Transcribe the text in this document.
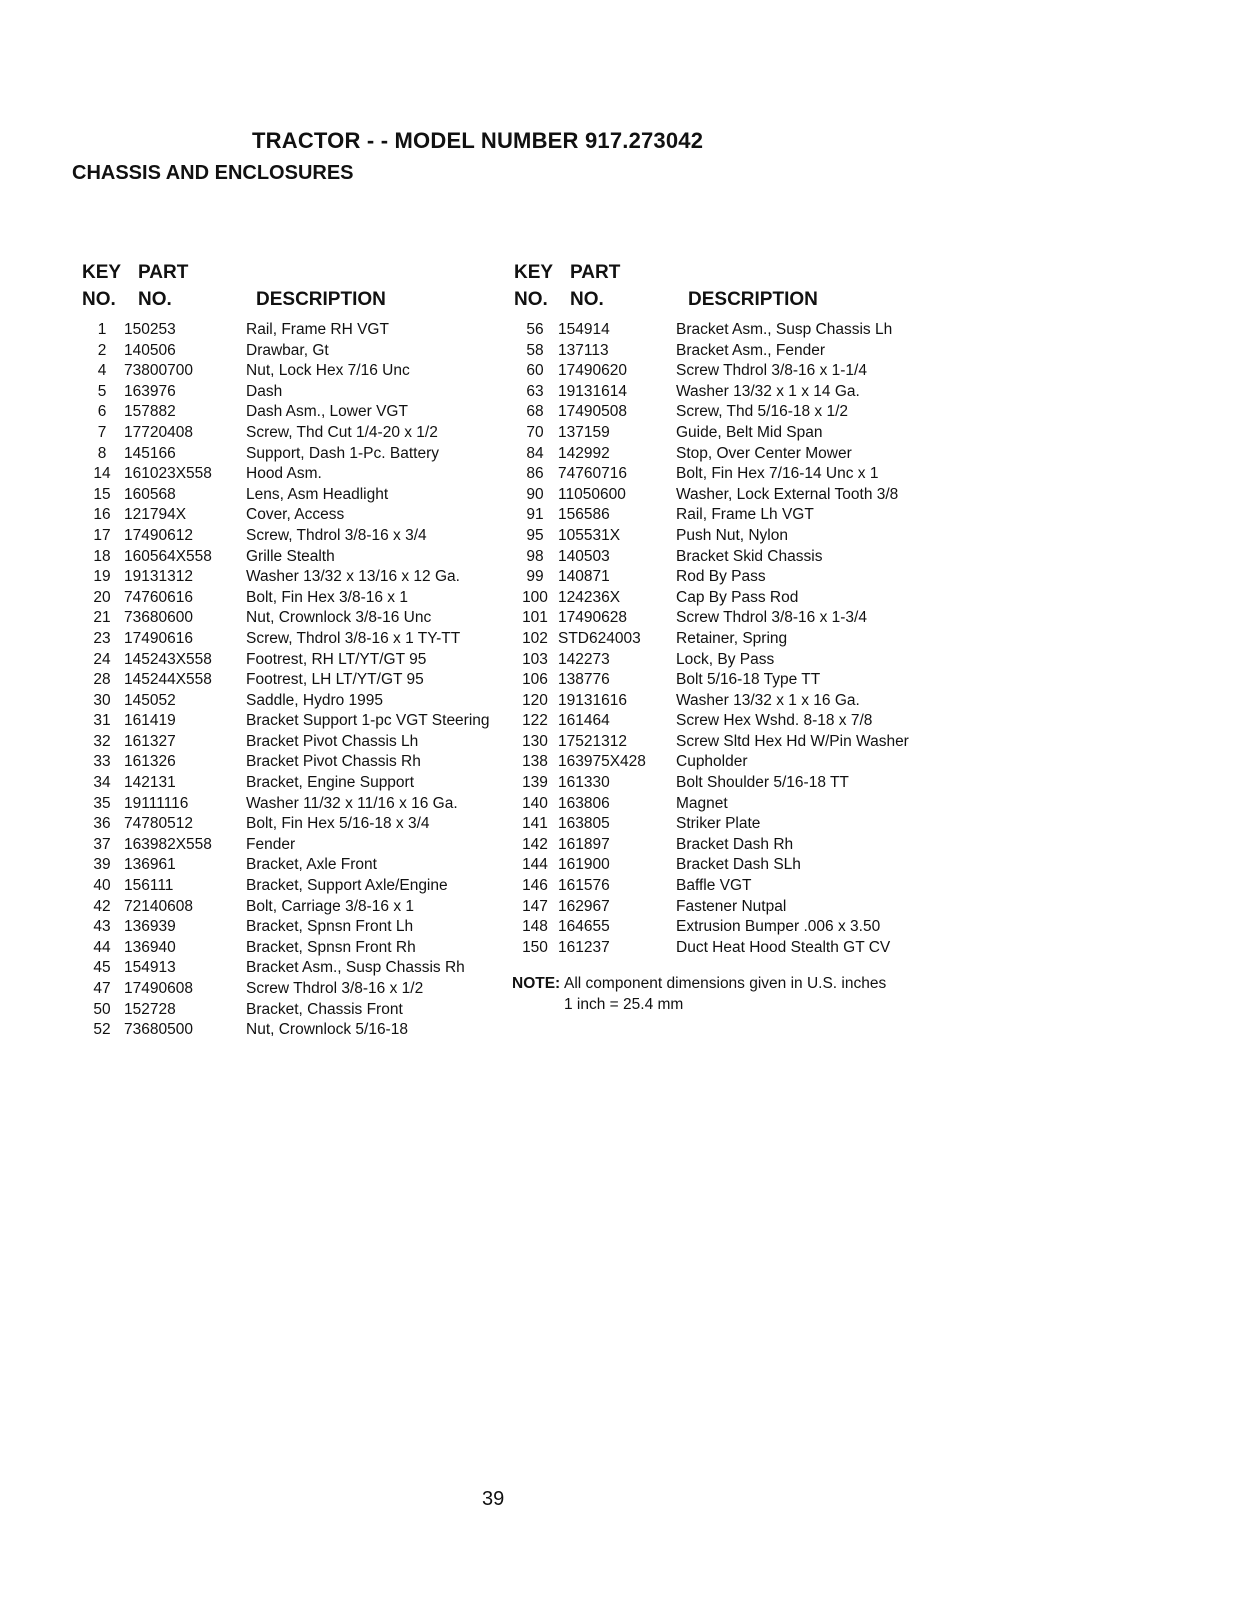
TRACTOR - - MODEL NUMBER 917.273042
CHASSIS AND ENCLOSURES
KEY PART
NO. NO.	DESCRIPTION
1	150253	Rail, Frame RH VGT
2	140506	Drawbar, Gt
4	73800700	Nut, Lock Hex 7/16 Unc
5	163976	Dash
6	157882	Dash Asm., Lower VGT
7	17720408	Screw, Thd Cut 1/4-20 x 1/2
8	145166	Support, Dash 1-Pc. Battery
14 161023X558	Hood Asm.
15 160568	Lens, Asm Headlight
16 121794X	Cover, Access
17 17490612	Screw, Thdrol 3/8-16 x 3/4
18 160564X558	Grille Stealth
19 19131312	Washer 13/32 x 13/16 x 12 Ga.
20 74760616	Bolt, Fin Hex 3/8-16 x 1
21 73680600	Nut, Crownlock 3/8-16 Unc
23 17490616	Screw, Thdrol 3/8-16 x 1 TY-TT
24 145243X558	Footrest, RH LT/YT/GT 95
28 145244X558	Footrest, LH LT/YT/GT 95
30 145052	Saddle, Hydro 1995
31 161419	Bracket Support 1-pc VGT Steering
32 161327	Bracket Pivot Chassis Lh
33 161326	Bracket Pivot Chassis Rh
34 142131	Bracket, Engine Support
35 19111116	Washer 11/32 x 11/16 x 16 Ga.
36 74780512	Bolt, Fin Hex 5/16-18 x 3/4
37 163982X558	Fender
39 136961	Bracket, Axle Front
40 156111	Bracket, Support Axle/Engine
42 72140608	Bolt, Carriage 3/8-16 x 1
43 136939	Bracket, Spnsn Front Lh
44 136940	Bracket, Spnsn Front Rh
45 154913	Bracket Asm., Susp Chassis Rh
47 17490608	Screw Thdrol 3/8-16 x 1/2
50 152728	Bracket, Chassis Front
52 73680500	Nut, Crownlock 5/16-18
KEY PART
NO. NO.	DESCRIPTION
56 154914	Bracket Asm., Susp Chassis Lh
58 137113	Bracket Asm., Fender
60 17490620	Screw Thdrol 3/8-16 x 1-1/4
63 19131614	Washer 13/32 x 1 x 14 Ga.
68 17490508	Screw, Thd 5/16-18 x 1/2
70 137159	Guide, Belt Mid Span
84 142992	Stop, Over Center Mower
86 74760716	Bolt, Fin Hex 7/16-14 Unc x 1
90 11050600	Washer, Lock External Tooth 3/8
91 156586	Rail, Frame Lh VGT
95 105531X	Push Nut, Nylon
98 140503	Bracket Skid Chassis
99 140871	Rod By Pass
100 124236X	Cap By Pass Rod
101 17490628	Screw Thdrol 3/8-16 x 1-3/4
102 STD624003	Retainer, Spring
103 142273	Lock, By Pass
106 138776	Bolt 5/16-18 Type TT
120 19131616	Washer 13/32 x 1 x 16 Ga.
122 161464	Screw Hex Wshd. 8-18 x 7/8
130 17521312	Screw Sltd Hex Hd W/Pin Washer
138 163975X428	Cupholder
139 161330	Bolt Shoulder 5/16-18 TT
140 163806	Magnet
141 163805	Striker Plate
142 161897	Bracket Dash Rh
144 161900	Bracket Dash SLh
146 161576	Baffle VGT
147 162967	Fastener Nutpal
148 164655	Extrusion Bumper .006 x 3.50
150 161237	Duct Heat Hood Stealth GT CV
NOTE: All component dimensions given in U.S. inches
1 inch = 25.4 mm
39
